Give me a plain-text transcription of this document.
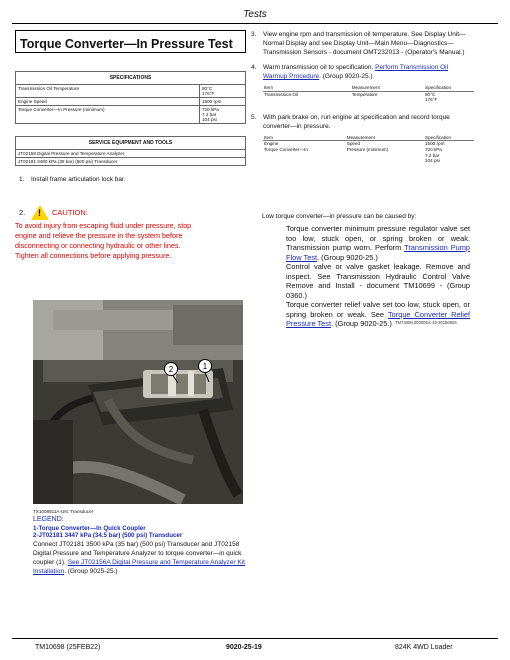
Tests
Torque Converter—In Pressure Test
SPECIFICATIONS	
Transmission Oil Temperature	80°C
176°F

Engine Speed	1500 rpm
Torque Converter—In Pressure (minimum)	720 kPa
7.2 bar
104 psi
SERVICE EQUIPMENT AND TOOLS
JT02158 Digital Pressure and Temperature Analyzer
JT02181 3400 kPa (35 bar) (500 psi) Transducer
1. Install frame articulation lock bar.
2. !	CAUTION:
To avoid injury from escaping fluid under pressure, stop
engine and relieve the pressure in the system before
disconnecting or connecting hydraulic or other lines.
Tighten all connections before applying pressure.
1
2
TX1008811A-UN: Transducer
LEGEND:
1-Torque Converter—In Quick Coupler
2-JT02181 3447 kPa (34.5 bar) (500 psi) Transducer
Connect JT02181 3500 kPa (35 bar) (500 psi) Transducer and JT02158 Digital Pressure and Temperature Analyzer to torque converter—in quick coupler (1). See JT02156A Digital Pressure and Temperature Analyzer Kit Installation. (Group 9025-25.)
3.	View engine rpm and transmission oil temperature. See Display Unit—Normal Display and see Display Unit—Main Menu—Diagnostics—Transmission Sensors - document OMT232013 - (Operator's Manual.)
4.	Warm transmission oil to specification. Perform Transmission Oil Warmup Procedure. (Group 9020-25.)
Item	Measurement	Specification
Transmission Oil	Temperature	80°C
176°F
5.	With park brake on, run engine at specification and record torque converter—in pressure.
Item	Measurement	Specification
Engine	Speed	1500 rpm
Torque Converter—In	Pressure (minimum)	720 kPa
7.2 bar
104 psi
Low torque converter—in pressure can be caused by:
Torque converter minimum pressure regulator valve set too low, stuck open, or spring broken or weak. Transmission pump worn. Perform Transmission Pump Flow Test. (Group 9020-25.)
Control valve or valve gasket leakage. Remove and inspect. See Transmission Hydraulic Control Valve Remove and Install - document TM10699 - (Group 0360.)
Torque converter relief valve set too low, stuck open, or spring broken or weak. See Torque Converter Relief Pressure Test. (Group 9020-25.) TM73008,000005A-19-20180925
TM10698 (25FEB22)	9020-25-19	824K 4WD Loader
